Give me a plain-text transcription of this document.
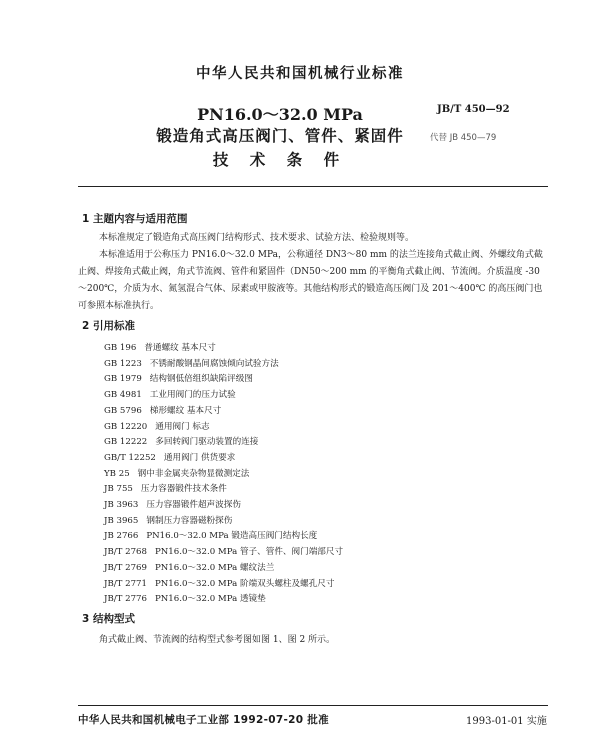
中华人民共和国机械行业标准
PN16.0～32.0 MPa
锻造角式高压阀门、管件、紧固件
技 术 条 件
JB/T 450—92
代替 JB 450—79
1 主题内容与适用范围
本标准规定了锻造角式高压阀门结构形式、技术要求、试验方法、检验规则等。
本标准适用于公称压力 PN16.0～32.0 MPa，公称通径 DN3～80 mm 的法兰连接角式截止阀、外螺纹角式截止阀、焊接角式截止阀，角式节流阀、管件和紧固件（DN50～200 mm 的平衡角式截止阀、节流阀。介质温度 -30～200℃，介质为水、氮氢混合气体、尿素或甲胺液等。其他结构形式的锻造高压阀门及 201～400℃ 的高压阀门也可参照本标准执行。
2 引用标准
GB 196 普通螺纹 基本尺寸
GB 1223 不锈耐酸钢晶间腐蚀倾向试验方法
GB 1979 结构钢低倍组织缺陷评级图
GB 4981 工业用阀门的压力试验
GB 5796 梯形螺纹 基本尺寸
GB 12220 通用阀门 标志
GB 12222 多回转阀门驱动装置的连接
GB/T 12252 通用阀门 供货要求
YB 25 钢中非金属夹杂物显微测定法
JB 755 压力容器锻件技术条件
JB 3963 压力容器锻件超声波探伤
JB 3965 钢制压力容器磁粉探伤
JB 2766 PN16.0～32.0 MPa 锻造高压阀门结构长度
JB/T 2768 PN16.0～32.0 MPa 管子、管件、阀门端部尺寸
JB/T 2769 PN16.0～32.0 MPa 螺纹法兰
JB/T 2771 PN16.0～32.0 MPa 阶端双头螺柱及螺孔尺寸
JB/T 2776 PN16.0～32.0 MPa 透镜垫
3 结构型式
角式截止阀、节流阀的结构型式参考图如图 1、图 2 所示。
中华人民共和国机械电子工业部 1992-07-20 批准	1993-01-01 实施
